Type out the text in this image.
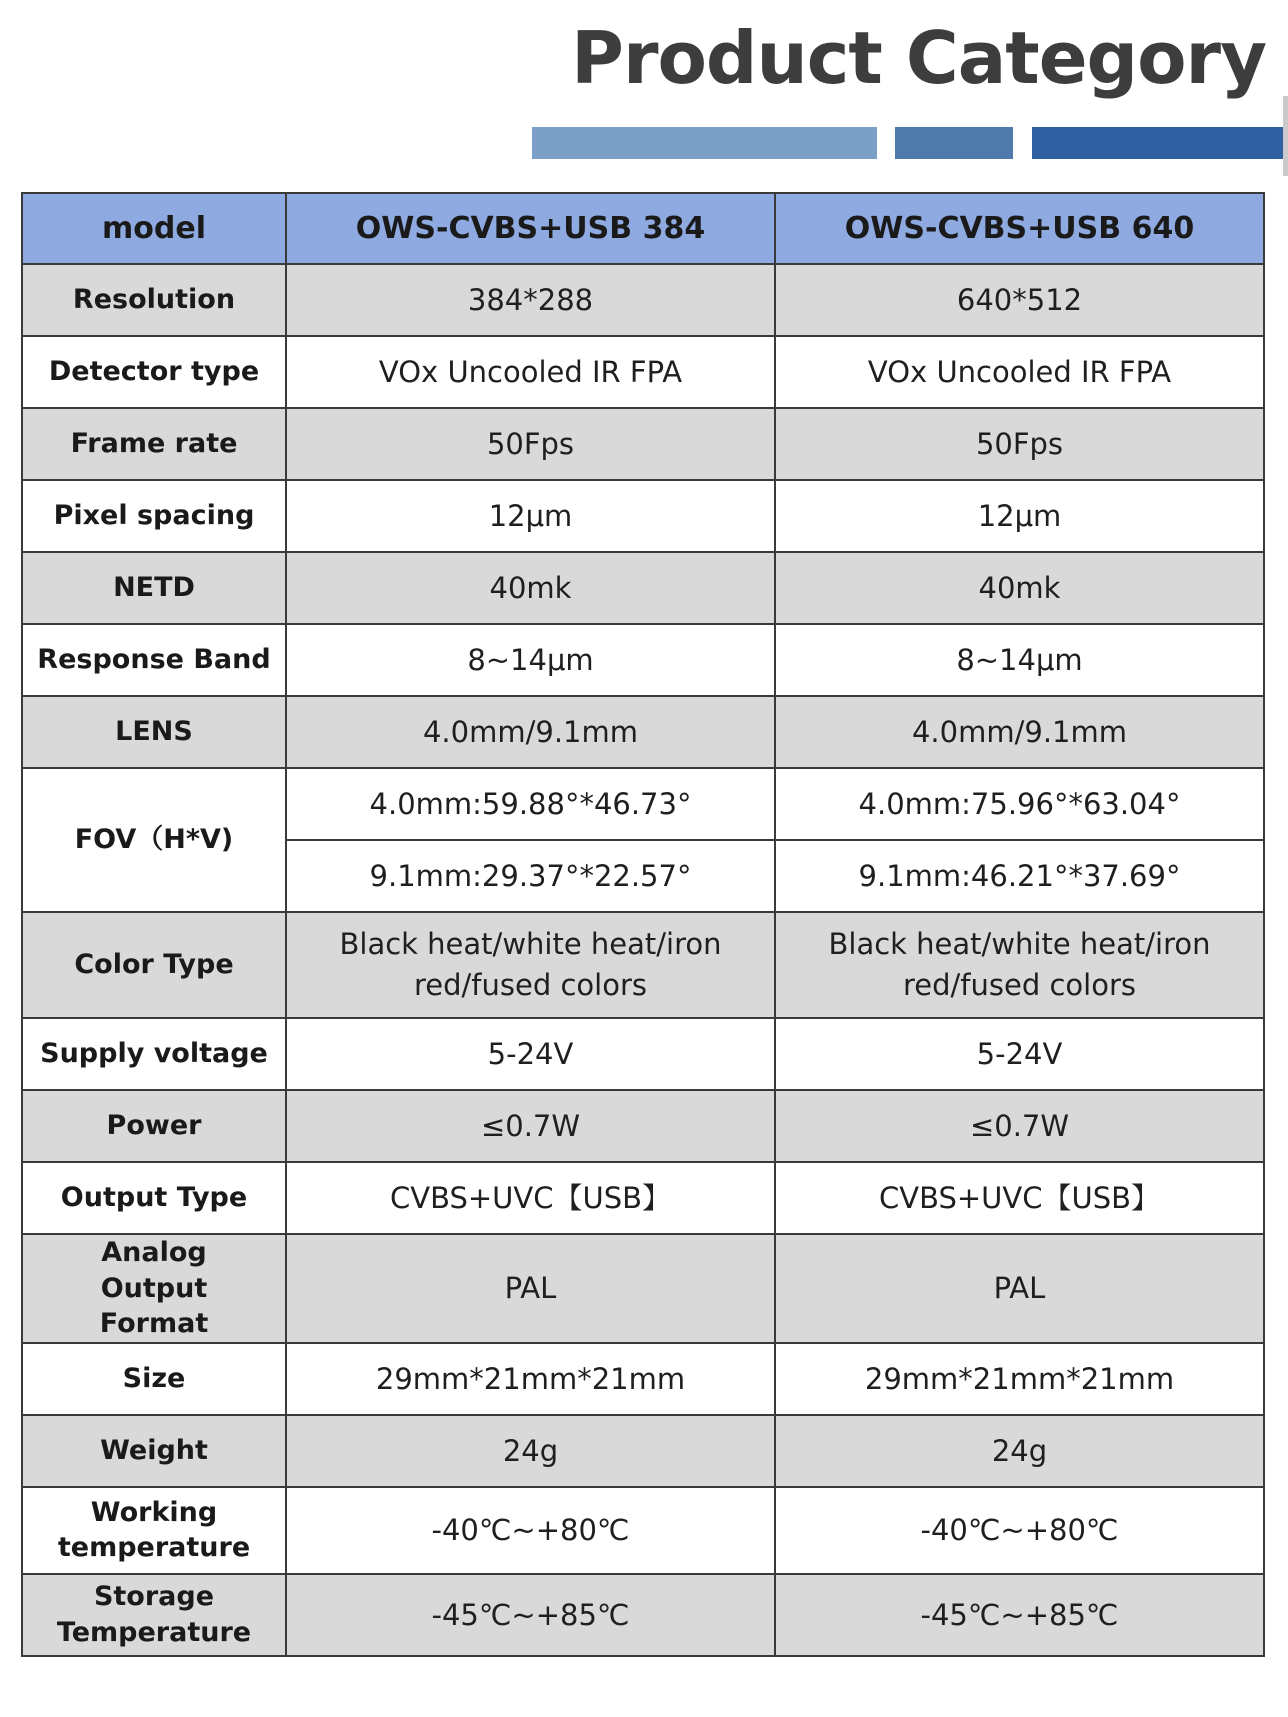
Product Category
model	OWS-CVBS+USB 384	OWS-CVBS+USB 640
Resolution	384*288	640*512
Detector type	VOx Uncooled IR FPA	VOx Uncooled IR FPA
Frame rate	50Fps	50Fps
Pixel spacing	12μm	12μm
NETD	40mk	40mk
Response Band	8~14μm	8~14μm
LENS	4.0mm/9.1mm	4.0mm/9.1mm
FOV（H*V)	4.0mm:59.88°*46.73°	4.0mm:75.96°*63.04°
	9.1mm:29.37°*22.57°	9.1mm:46.21°*37.69°
Color Type	Black heat/white heat/iron red/fused colors	Black heat/white heat/iron red/fused colors
Supply voltage	5-24V	5-24V
Power	≤0.7W	≤0.7W
Output Type	CVBS+UVC【USB】	CVBS+UVC【USB】
Analog Output Format	PAL	PAL
Size	29mm*21mm*21mm	29mm*21mm*21mm
Weight	24g	24g
Working temperature	-40℃~+80℃	-40℃~+80℃
Storage Temperature	-45℃~+85℃	-45℃~+85℃
